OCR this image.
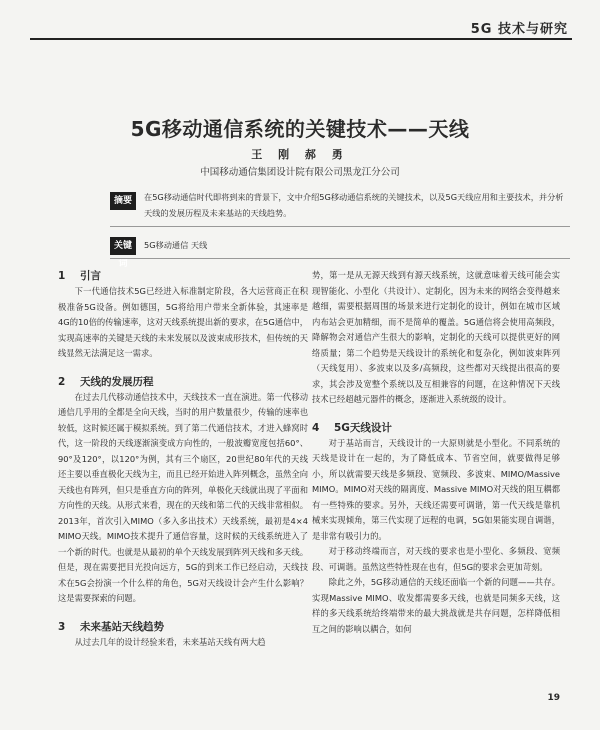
5G 技术与研究
5G移动通信系统的关键技术——天线
王 刚 郝 勇
中国移动通信集团设计院有限公司黑龙江分公司
摘要	在5G移动通信时代即将到来的背景下，文中介绍5G移动通信系统的关键技术，以及5G天线应用和主要技术，并分析天线的发展历程及未来基站的天线趋势。
关键词
5G移动通信 天线
1 引言

下一代通信技术5G已经进入标准制定阶段，各大运营商正在积极准备5G设备。例如德国，5G将给用户带来全新体验，其速率是4G的10倍的传输速率，这对天线系统提出新的要求，在5G通信中，实现高速率的关键是天线的未来发展以及波束成形技术，但传统的天线显然无法满足这一需求。

2 天线的发展历程

在过去几代移动通信技术中，天线技术一直在演进。第一代移动通信几乎用的全都是全向天线，当时的用户数量很少，传输的速率也较低，这时候还属于模拟系统。到了第二代通信技术，才进入蜂窝时代，这一阶段的天线逐渐演变成方向性的，一般波瓣宽度包括60°、90°及120°，以120°为例，其有三个扇区，20世纪80年代的天线还主要以垂直极化天线为主，而且已经开始进入阵列概念，虽然全向天线也有阵列，但只是垂直方向的阵列，单极化天线就出现了平面和方向性的天线。从形式来看，现在的天线和第二代的天线非常相似。2013年，首次引入MIMO（多入多出技术）天线系统，最初是4×4 MIMO天线。MIMO技术提升了通信容量，这时候的天线系统进入了一个新的时代。也就是从最初的单个天线发展到阵列天线和多天线。但是，现在需要把目光投向远方，5G的到来工作已经启动，天线技术在5G会扮演一个什么样的角色，5G对天线设计会产生什么影响？这是需要探索的问题。

3 未来基站天线趋势

从过去几年的设计经验来看，未来基站天线有两大趋

势，第一是从无源天线到有源天线系统，这就意味着天线可能会实现智能化、小型化（共设计）、定制化，因为未来的网络会变得越来越细，需要根据周围的场景来进行定制化的设计，例如在城市区域内布站会更加精细，而不是简单的覆盖。5G通信将会使用高频段，降解物会对通信产生很大的影响，定制化的天线可以提供更好的网络质量；第二个趋势是天线设计的系统化和复杂化，例如波束阵列（天线复用）、多波束以及多/高频段，这些都对天线提出很高的要求，其会涉及宽整个系统以及互相兼容的问题，在这种情况下天线技术已经超越元器件的概念，逐渐进入系统级的设计。

4 5G天线设计

对于基站而言，天线设计的一大原则就是小型化。不同系统的天线是设计在一起的，为了降低成本、节省空间，就要做得足够小，所以就需要天线是多频段、宽频段、多波束、MIMO/Massive MIMO。MIMO对天线的隔离度、Massive MIMO对天线的阻互耦都有一些特殊的要求。另外，天线还需要可调谐，第一代天线是靠机械来实现倾角，第三代实现了远程的电调，5G如果能实现自调谐，是非常有吸引力的。

对于移动终端而言，对天线的要求也是小型化、多频段、宽频段、可调谐。虽然这些特性现在也有，但5G的要求会更加苛刻。

除此之外，5G移动通信的天线还面临一个新的问题——共存。实现Massive MIMO、收发都需要多天线，也就是同频多天线，这样的多天线系统给终端带来的最大挑战就是共存问题，怎样降低相互之间的影响以耦合，如何

19
